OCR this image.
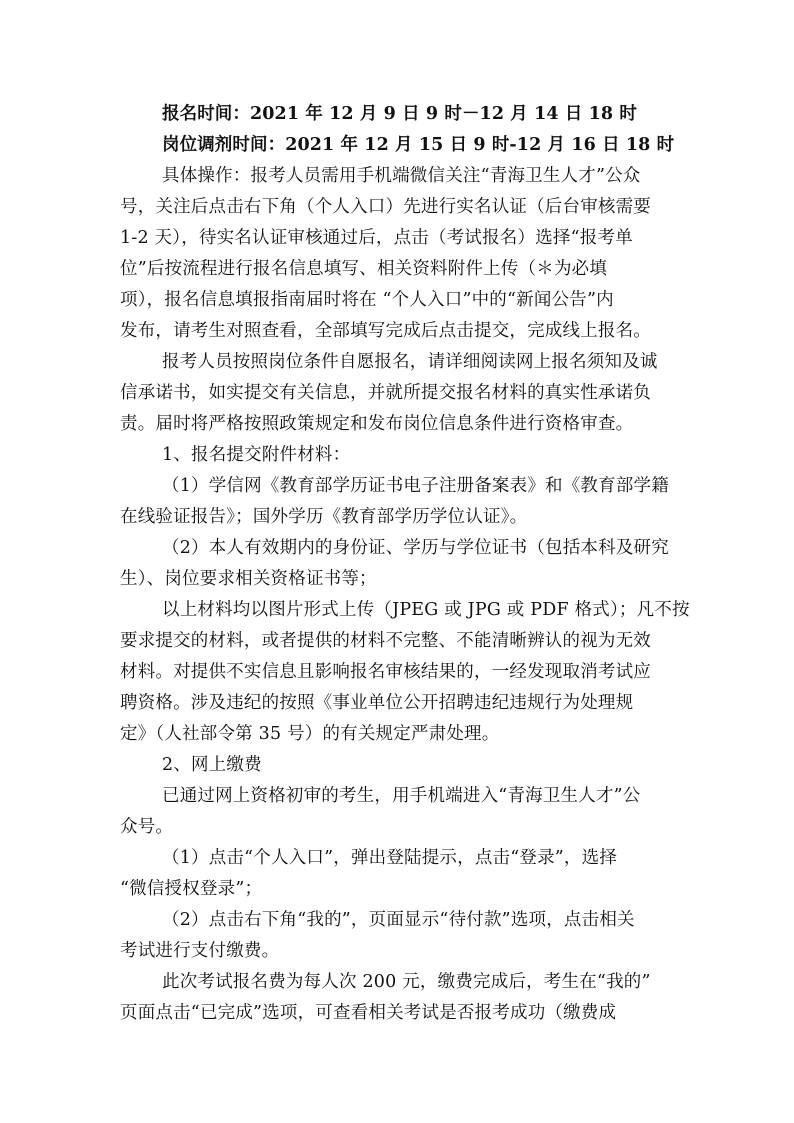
报名时间：2021 年 12 月 9 日 9 时－12 月 14 日 18 时
岗位调剂时间：2021 年 12 月 15 日 9 时-12 月 16 日 18 时
具体操作：报考人员需用手机端微信关注“青海卫生人才”公众
号，关注后点击右下角（个人入口）先进行实名认证（后台审核需要
1-2 天），待实名认证审核通过后，点击（考试报名）选择“报考单
位”后按流程进行报名信息填写、相关资料附件上传（＊为必填
项），报名信息填报指南届时将在 “个人入口”中的“新闻公告”内
发布，请考生对照查看，全部填写完成后点击提交，完成线上报名。
报考人员按照岗位条件自愿报名，请详细阅读网上报名须知及诚
信承诺书，如实提交有关信息，并就所提交报名材料的真实性承诺负
责。届时将严格按照政策规定和发布岗位信息条件进行资格审查。
1、报名提交附件材料：
（1）学信网《教育部学历证书电子注册备案表》和《教育部学籍
在线验证报告》；国外学历《教育部学历学位认证》。
（2）本人有效期内的身份证、学历与学位证书（包括本科及研究
生）、岗位要求相关资格证书等；
以上材料均以图片形式上传（JPEG 或 JPG 或 PDF 格式）；凡不按
要求提交的材料，或者提供的材料不完整、不能清晰辨认的视为无效
材料。对提供不实信息且影响报名审核结果的，一经发现取消考试应
聘资格。涉及违纪的按照《事业单位公开招聘违纪违规行为处理规
定》（人社部令第 35 号）的有关规定严肃处理。
2、网上缴费
已通过网上资格初审的考生，用手机端进入“青海卫生人才”公
众号。
（1）点击“个人入口”，弹出登陆提示，点击“登录”，选择
“微信授权登录”；
（2）点击右下角“我的”，页面显示“待付款”选项，点击相关
考试进行支付缴费。
此次考试报名费为每人次 200 元，缴费完成后，考生在“我的”
页面点击“已完成”选项，可查看相关考试是否报考成功（缴费成
